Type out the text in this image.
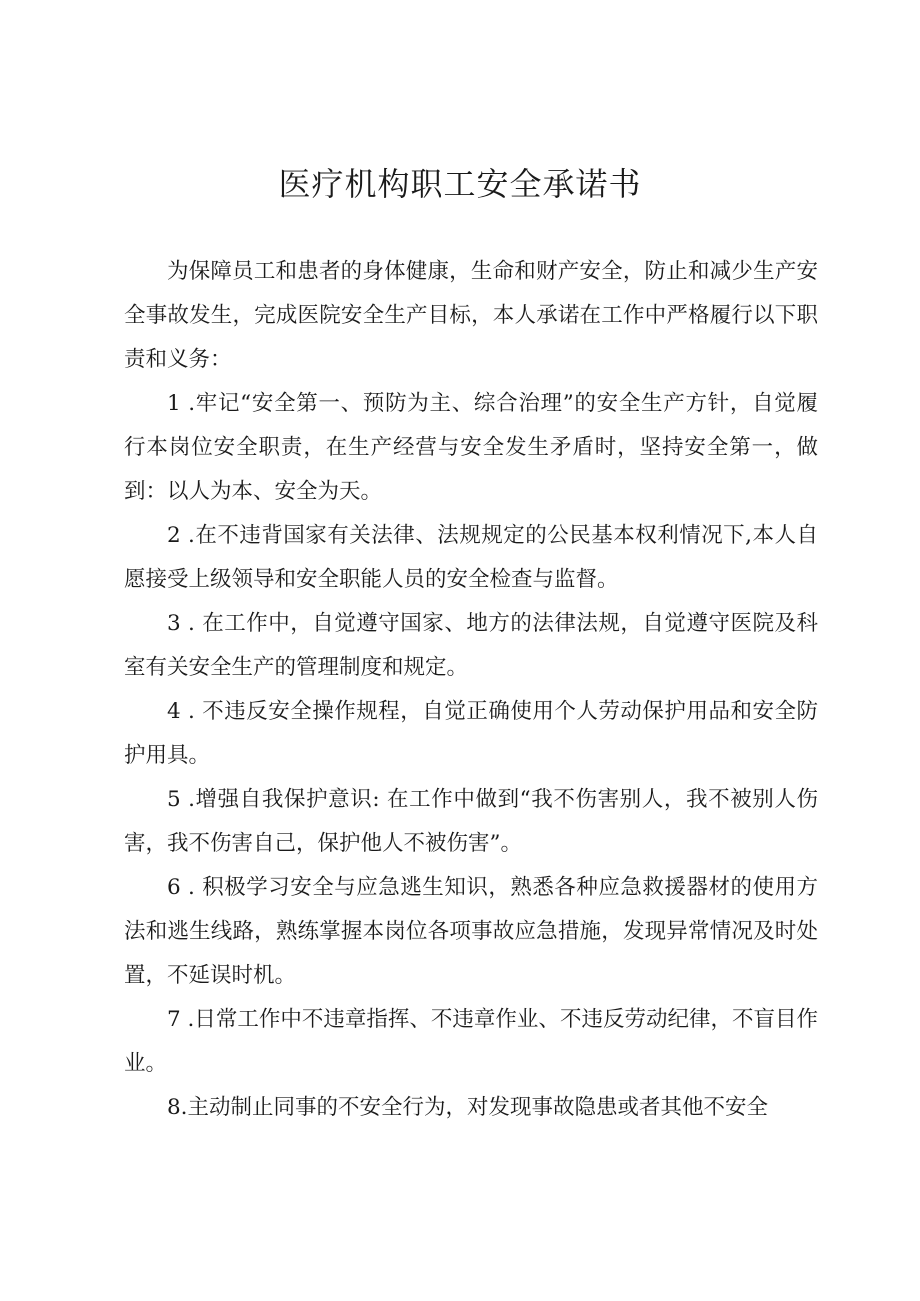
医疗机构职工安全承诺书

为保障员工和患者的身体健康，生命和财产安全，防止和减少生产安全事故发生，完成医院安全生产目标，本人承诺在工作中严格履行以下职责和义务：

1 .牢记“安全第一、预防为主、综合治理”的安全生产方针，自觉履行本岗位安全职责，在生产经营与安全发生矛盾时，坚持安全第一，做到：以人为本、安全为天。

2 .在不违背国家有关法律、法规规定的公民基本权利情况下,本人自愿接受上级领导和安全职能人员的安全检查与监督。

3 . 在工作中，自觉遵守国家、地方的法律法规，自觉遵守医院及科室有关安全生产的管理制度和规定。

4 . 不违反安全操作规程，自觉正确使用个人劳动保护用品和安全防护用具。

5 .增强自我保护意识: 在工作中做到“我不伤害别人，我不被别人伤害，我不伤害自己，保护他人不被伤害”。

6 . 积极学习安全与应急逃生知识，熟悉各种应急救援器材的使用方法和逃生线路，熟练掌握本岗位各项事故应急措施，发现异常情况及时处置，不延误时机。

7 .日常工作中不违章指挥、不违章作业、不违反劳动纪律，不盲目作业。

8.主动制止同事的不安全行为，对发现事故隐患或者其他不安全
